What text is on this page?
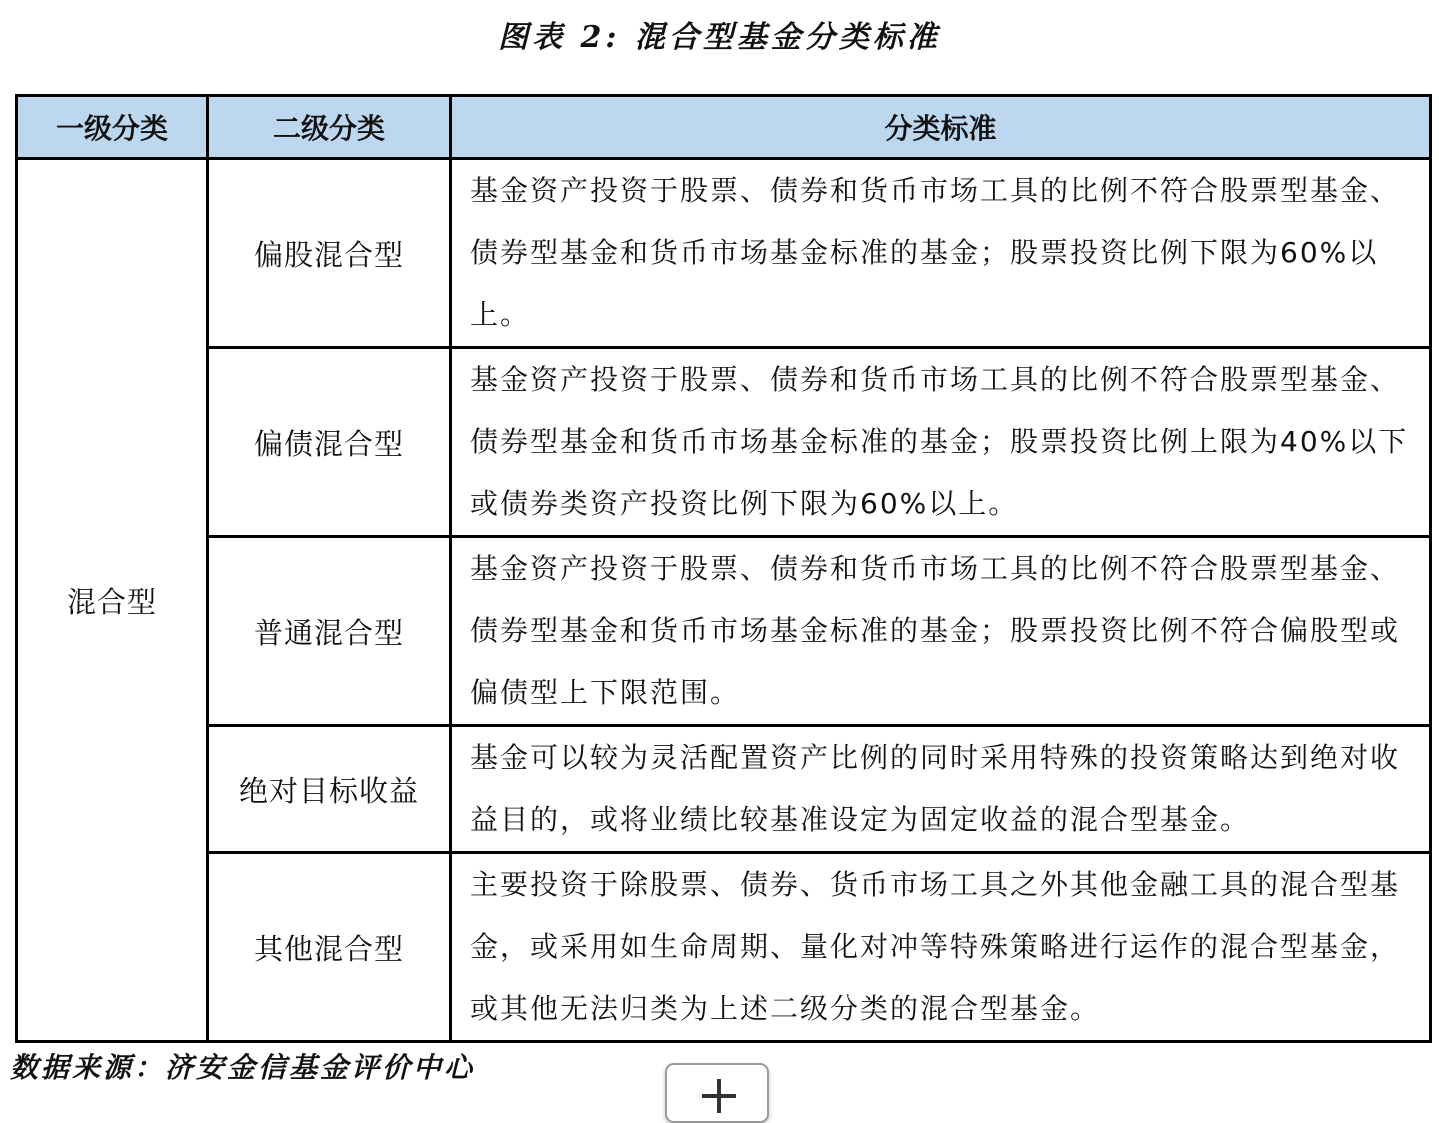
图表 2: 混合型基金分类标准
一级分类	二级分类	分类标准
混合型	偏股混合型	基金资产投资于股票、债券和货币市场工具的比例不符合股票型基金、债券型基金和货币市场基金标准的基金；股票投资比例下限为60%以上。
	偏债混合型	基金资产投资于股票、债券和货币市场工具的比例不符合股票型基金、债券型基金和货币市场基金标准的基金；股票投资比例上限为40%以下或债券类资产投资比例下限为60%以上。
	普通混合型	基金资产投资于股票、债券和货币市场工具的比例不符合股票型基金、债券型基金和货币市场基金标准的基金；股票投资比例不符合偏股型或偏债型上下限范围。
	绝对目标收益	基金可以较为灵活配置资产比例的同时采用特殊的投资策略达到绝对收益目的，或将业绩比较基准设定为固定收益的混合型基金。
	其他混合型	主要投资于除股票、债券、货币市场工具之外其他金融工具的混合型基金，或采用如生命周期、量化对冲等特殊策略进行运作的混合型基金，或其他无法归类为上述二级分类的混合型基金。
数据来源：济安金信基金评价中心
